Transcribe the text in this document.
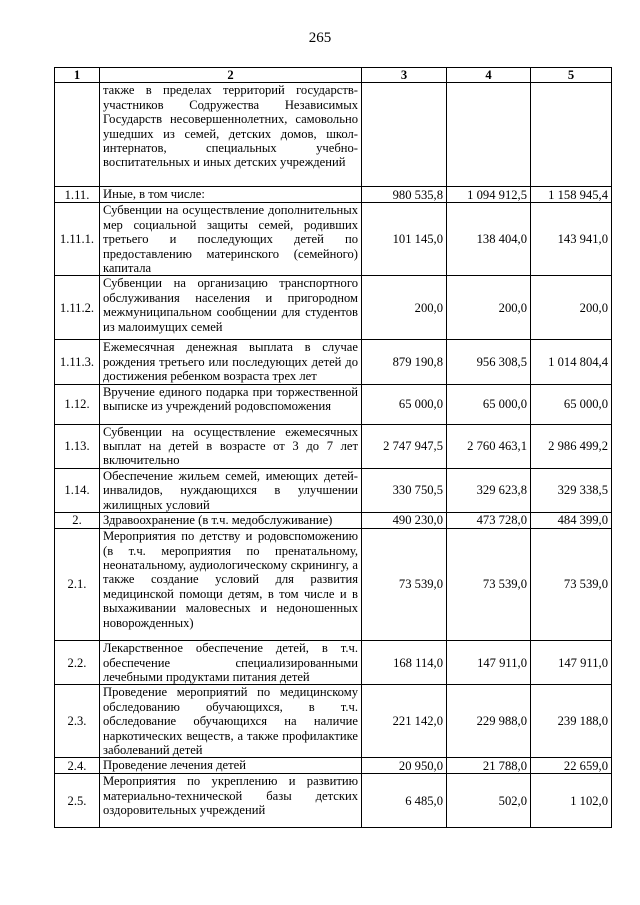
265
1	2	3	4	5
	также в пределах территорий государств-участников Содружества Независимых Государств несовершеннолетних, самовольно ушедших из семей, детских домов, школ-интернатов, специальных учебно-воспитательных и иных детских учреждений			
1.11.	Иные, в том числе:	980 535,8	1 094 912,5	1 158 945,4
1.11.1.	Субвенции на осуществление дополнительных мер социальной защиты семей, родивших третьего и последующих детей по предоставлению материнского (семейного) капитала	101 145,0	138 404,0	143 941,0
1.11.2.	Субвенции на организацию транспортного обслуживания населения и пригородном межмуниципальном сообщении для студентов из малоимущих семей	200,0	200,0	200,0
1.11.3.	Ежемесячная денежная выплата в случае рождения третьего или последующих детей до достижения ребенком возраста трех лет	879 190,8	956 308,5	1 014 804,4
1.12.	Вручение единого подарка при торжественной выписке из учреждений родовспоможения	65 000,0	65 000,0	65 000,0
1.13.	Субвенции на осуществление ежемесячных выплат на детей в возрасте от 3 до 7 лет включительно	2 747 947,5	2 760 463,1	2 986 499,2
1.14.	Обеспечение жильем семей, имеющих детей-инвалидов, нуждающихся в улучшении жилищных условий	330 750,5	329 623,8	329 338,5
2.	Здравоохранение (в т.ч. медобслуживание)	490 230,0	473 728,0	484 399,0
2.1.	Мероприятия по детству и родовспоможению (в т.ч. мероприятия по пренатальному, неонатальному, аудиологическому скринингу, а также создание условий для развития медицинской помощи детям, в том числе и в выхаживании маловесных и недоношенных новорожденных)	73 539,0	73 539,0	73 539,0
2.2.	Лекарственное обеспечение детей, в т.ч. обеспечение специализированными лечебными продуктами питания детей	168 114,0	147 911,0	147 911,0
2.3.	Проведение мероприятий по медицинскому обследованию обучающихся, в т.ч. обследование обучающихся на наличие наркотических веществ, а также профилактике заболеваний детей	221 142,0	229 988,0	239 188,0
2.4.	Проведение лечения детей	20 950,0	21 788,0	22 659,0
2.5.	Мероприятия по укреплению и развитию материально-технической базы детских оздоровительных учреждений	6 485,0	502,0	1 102,0
